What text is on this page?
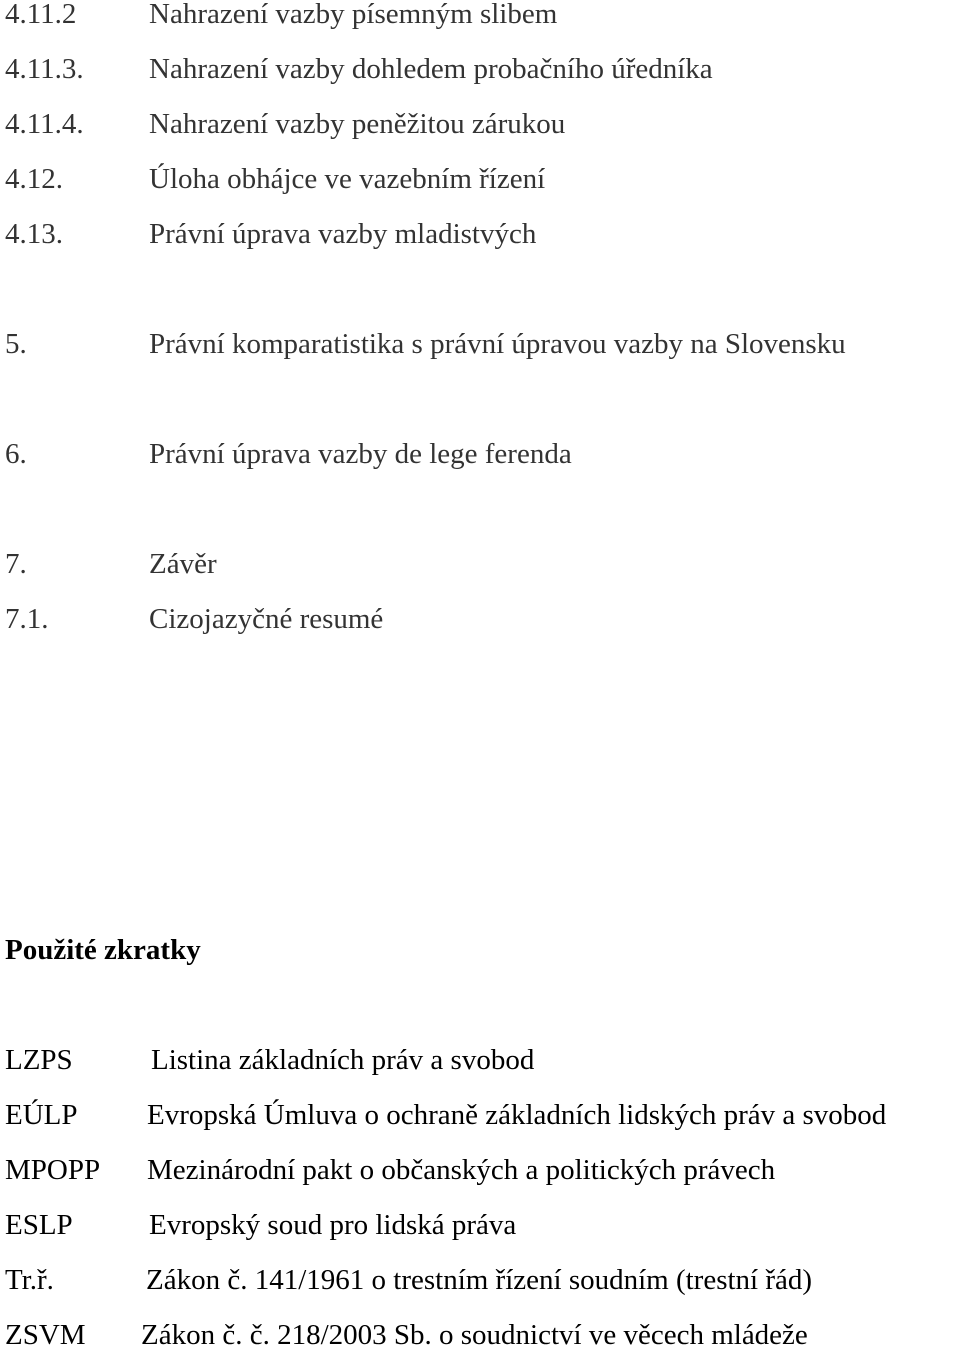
4.11.2	Nahrazení vazby písemným slibem
4.11.3. Nahrazení vazby dohledem probačního úředníka
4.11.4. Nahrazení vazby peněžitou zárukou
4.12.	Úloha obhájce ve vazebním řízení
4.13.	Právní úprava vazby mladistvých
5.	Právní komparatistika s právní úpravou vazby na Slovensku
6.	Právní úprava vazby de lege ferenda
7.	Závěr
7.1.	Cizojazyčné resumé
Použité zkratky
LZPS	Listina základních práv a svobod
EÚLP Evropská Úmluva o ochraně základních lidských práv a svobod
MPOPP Mezinárodní pakt o občanských a politických právech
ESLP	Evropský soud pro lidská práva
Tr.ř.	Zákon č. 141/1961 o trestním řízení soudním (trestní řád)
ZSVM Zákon č. č. 218/2003 Sb. o soudnictví ve věcech mládeže
